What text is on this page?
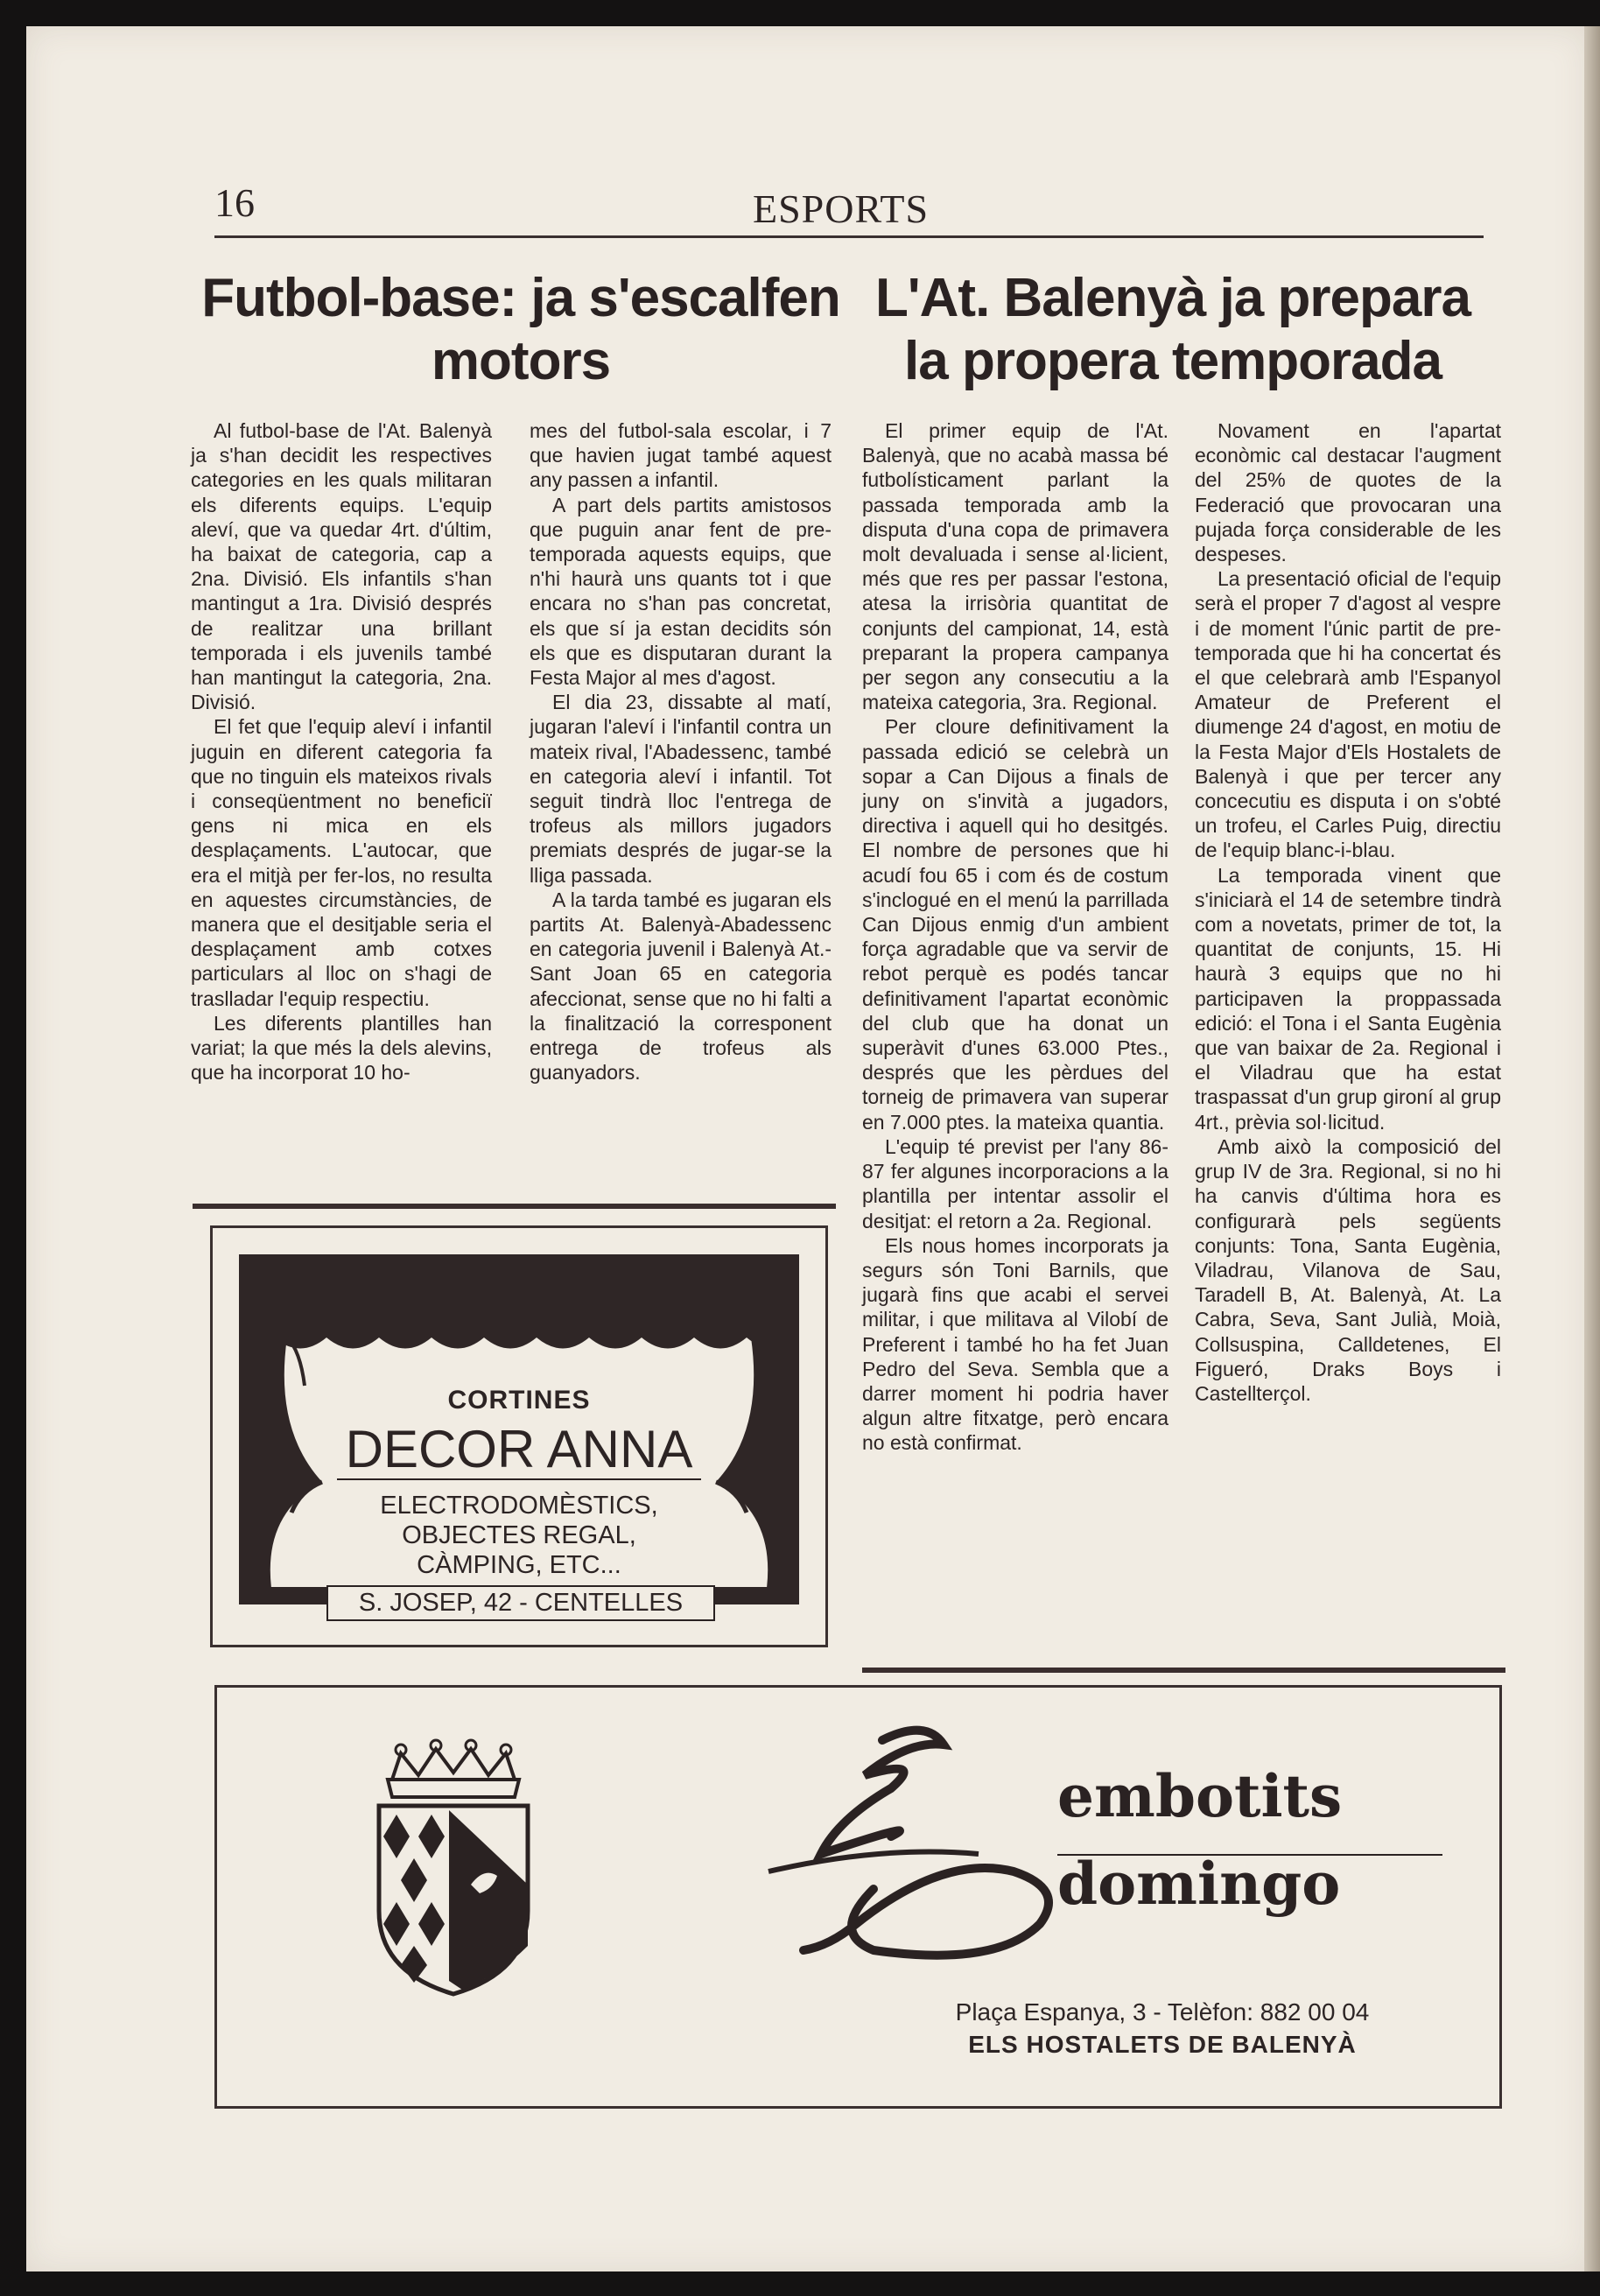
16	ESPORTS
Futbol-base: ja s'escalfen
motors
L'At. Balenyà ja prepara
la propera temporada

Al futbol-base de l'At. Balenyà ja s'han decidit les respectives categories en les quals militaran els diferents equips. L'equip aleví, que va quedar 4rt. d'últim, ha baixat de categoria, cap a 2na. Divisió. Els infantils s'han mantingut a 1ra. Divisió després de realitzar una brillant temporada i els juvenils també han mantingut la categoria, 2na. Divisió.

El fet que l'equip aleví i infantil juguin en diferent categoria fa que no tinguin els mateixos rivals i conseqüentment no beneficiï gens ni mica en els desplaçaments. L'autocar, que era el mitjà per fer-los, no resulta en aquestes circumstàncies, de manera que el desitjable seria el desplaçament amb cotxes particulars al lloc on s'hagi de traslladar l'equip respectiu.

Les diferents plantilles han variat; la que més la dels alevins, que ha incorporat 10 ho-

mes del futbol-sala escolar, i 7 que havien jugat també aquest any passen a infantil.

A part dels partits amistosos que puguin anar fent de pre-temporada aquests equips, que n'hi haurà uns quants tot i que encara no s'han pas concretat, els que sí ja estan decidits són els que es disputaran durant la Festa Major al mes d'agost.

El dia 23, dissabte al matí, jugaran l'aleví i l'infantil contra un mateix rival, l'Abadessenc, també en categoria aleví i infantil. Tot seguit tindrà lloc l'entrega de trofeus als millors jugadors premiats després de jugar-se la lliga passada.

A la tarda també es jugaran els partits At. Balenyà-Abadessenc en categoria juvenil i Balenyà At.-Sant Joan 65 en categoria afeccionat, sense que no hi falti a la finalització la corresponent entrega de trofeus als guanyadors.

El primer equip de l'At. Balenyà, que no acabà massa bé futbolísticament parlant la passada temporada amb la disputa d'una copa de primavera molt devaluada i sense al·licient, més que res per passar l'estona, atesa la irrisòria quantitat de conjunts del campionat, 14, està preparant la propera campanya per segon any consecutiu a la mateixa categoria, 3ra. Regional.

Per cloure definitivament la passada edició se celebrà un sopar a Can Dijous a finals de juny on s'invità a jugadors, directiva i aquell qui ho desitgés. El nombre de persones que hi acudí fou 65 i com és de costum s'inclogué en el menú la parrillada Can Dijous enmig d'un ambient força agradable que va servir de rebot perquè es podés tancar definitivament l'apartat econòmic del club que ha donat un superàvit d'unes 63.000 Ptes., després que les pèrdues del torneig de primavera van superar en 7.000 ptes. la mateixa quantia.

L'equip té previst per l'any 86-87 fer algunes incorporacions a la plantilla per intentar assolir el desitjat: el retorn a 2a. Regional.

Els nous homes incorporats ja segurs són Toni Barnils, que jugarà fins que acabi el servei militar, i que militava al Vilobí de Preferent i també ho ha fet Juan Pedro del Seva. Sembla que a darrer moment hi podria haver algun altre fitxatge, però encara no està confirmat.

Novament en l'apartat econòmic cal destacar l'augment del 25% de quotes de la Federació que provocaran una pujada força considerable de les despeses.

La presentació oficial de l'equip serà el proper 7 d'agost al vespre i de moment l'únic partit de pre-temporada que hi ha concertat és el que celebrarà amb l'Espanyol Amateur de Preferent el diumenge 24 d'agost, en motiu de la Festa Major d'Els Hostalets de Balenyà i que per tercer any concecutiu es disputa i on s'obté un trofeu, el Carles Puig, directiu de l'equip blanc-i-blau.

La temporada vinent que s'iniciarà el 14 de setembre tindrà com a novetats, primer de tot, la quantitat de conjunts, 15. Hi haurà 3 equips que no hi participaven la proppassada edició: el Tona i el Santa Eugènia que van baixar de 2a. Regional i el Viladrau que ha estat traspassat d'un grup gironí al grup 4rt., prèvia sol·licitud.

Amb això la composició del grup IV de 3ra. Regional, si no hi ha canvis d'última hora es configurarà pels següents conjunts: Tona, Santa Eugènia, Viladrau, Vilanova de Sau, Taradell B, At. Balenyà, At. La Cabra, Seva, Sant Julià, Moià, Collsuspina, Calldetenes, El Figueró, Draks Boys i Castellterçol.

CORTINES
DECOR ANNA
ELECTRODOMÈSTICS,
OBJECTES REGAL,
CÀMPING, ETC...
S. JOSEP, 42 - CENTELLES
embotits
domingo
Plaça Espanya, 3 - Telèfon: 882 00 04
ELS HOSTALETS DE BALENYÀ
